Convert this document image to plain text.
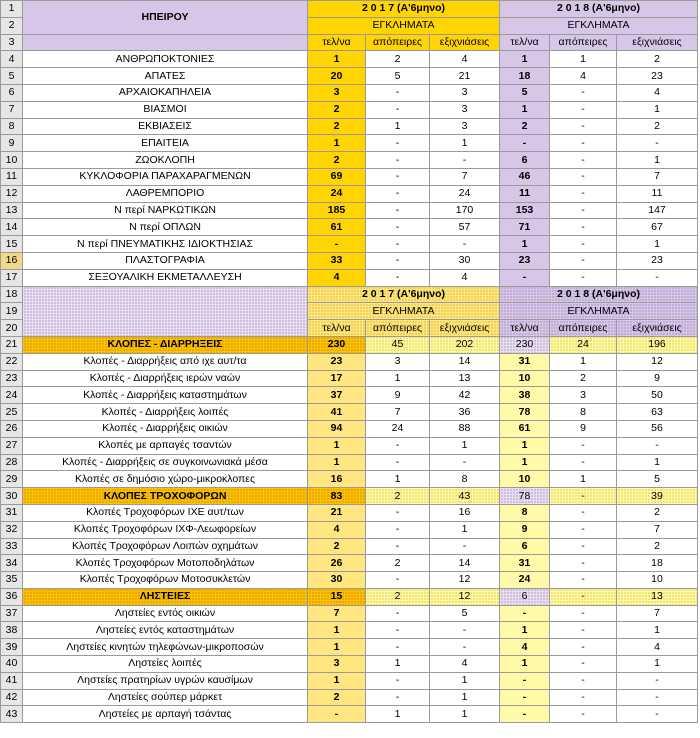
1	ΗΠΕΙΡΟΥ	2 0 1 7 (Α'6μηνο)			2 0 1 8 (Α'6μηνο)		
2		ΕΓΚΛΗΜΑΤΑ			ΕΓΚΛΗΜΑΤΑ		
3		τελ/να	απόπειρες	εξιχνιάσεις	τελ/να	απόπειρες	εξιχνιάσεις
4	ΑΝΘΡΩΠΟΚΤΟΝΙΕΣ	1	2	4	1	1	2
5	ΑΠΑΤΕΣ	20	5	21	18	4	23
6	ΑΡΧΑΙΟΚΑΠΗΛΕΙΑ	3	-	3	5	-	4
7	ΒΙΑΣΜΟΙ	2	-	3	1	-	1
8	ΕΚΒΙΑΣΕΙΣ	2	1	3	2	-	2
9	ΕΠΑΙΤΕΙΑ	1	-	1	-	-	-
10	ΖΩΟΚΛΟΠΗ	2	-	-	6	-	1
11	ΚΥΚΛΟΦΟΡΙΑ ΠΑΡΑΧΑΡΑΓΜΕΝΩΝ	69	-	7	46	-	7
12	ΛΑΘΡΕΜΠΟΡΙΟ	24	-	24	11	-	11
13	Ν περί ΝΑΡΚΩΤΙΚΩΝ	185	-	170	153	-	147
14	Ν περί ΟΠΛΩΝ	61	-	57	71	-	67
15	Ν περί ΠΝΕΥΜΑΤΙΚΗΣ ΙΔΙΟΚΤΗΣΙΑΣ	-	-	-	1	-	1
16	ΠΛΑΣΤΟΓΡΑΦΙΑ	33	-	30	23	-	23
17	ΣΕΞΟΥΑΛΙΚΗ ΕΚΜΕΤΑΛΛΕΥΣΗ	4	-	4	-	-	-
18		2 0 1 7 (Α'6μηνο)			2 0 1 8 (Α'6μηνο)		
19		ΕΓΚΛΗΜΑΤΑ			ΕΓΚΛΗΜΑΤΑ		
20		τελ/να	απόπειρες	εξιχνιάσεις	τελ/να	απόπειρες	εξιχνιάσεις
21	ΚΛΟΠΕΣ - ΔΙΑΡΡΗΞΕΙΣ	230	45	202	230	24	196
22	Κλοπές - Διαρρήξεις από ιχε αυτ/τα	23	3	14	31	1	12
23	Κλοπές - Διαρρήξεις ιερών ναών	17	1	13	10	2	9
24	Κλοπές - Διαρρήξεις καταστημάτων	37	9	42	38	3	50
25	Κλοπές - Διαρρήξεις λοιπές	41	7	36	78	8	63
26	Κλοπές - Διαρρήξεις οικιών	94	24	88	61	9	56
27	Κλοπές με αρπαγές τσαντών	1	-	1	1	-	-
28	Κλοπές - Διαρρήξεις σε συγκοινωνιακά μέσα	1	-	-	1	-	1
29	Κλοπές σε δημόσιο χώρο-μικροκλοπες	16	1	8	10	1	5
30	ΚΛΟΠΕΣ ΤΡΟΧΟΦΟΡΩΝ	83	2	43	78	-	39
31	Κλοπές Τροχοφόρων ΙΧΕ αυτ/των	21	-	16	8	-	2
32	Κλοπές Τροχοφόρων ΙΧΦ-Λεωφορείων	4	-	1	9	-	7
33	Κλοπές Τροχοφόρων Λοιπών οχημάτων	2	-	-	6	-	2
34	Κλοπές Τροχοφόρων Μοτοποδηλάτων	26	2	14	31	-	18
35	Κλοπές Τροχοφόρων Μοτοσυκλετών	30	-	12	24	-	10
36	ΛΗΣΤΕΙΕΣ	15	2	12	6	-	13
37	Ληστείες εντός οικιών	7	-	5	-	-	7
38	Ληστείες εντός καταστημάτων	1	-	-	1	-	1
39	Ληστείες κινητών τηλεφώνων-μικροποσών	1	-	-	4	-	4
40	Ληστείες λοιπές	3	1	4	1	-	1
41	Ληστείες πρατηρίων υγρών καυσίμων	1	-	1	-	-	-
42	Ληστείες σούπερ μάρκετ	2	-	1	-	-	-
43	Ληστείες με αρπαγή τσάντας	-	1	1	-	-	-
